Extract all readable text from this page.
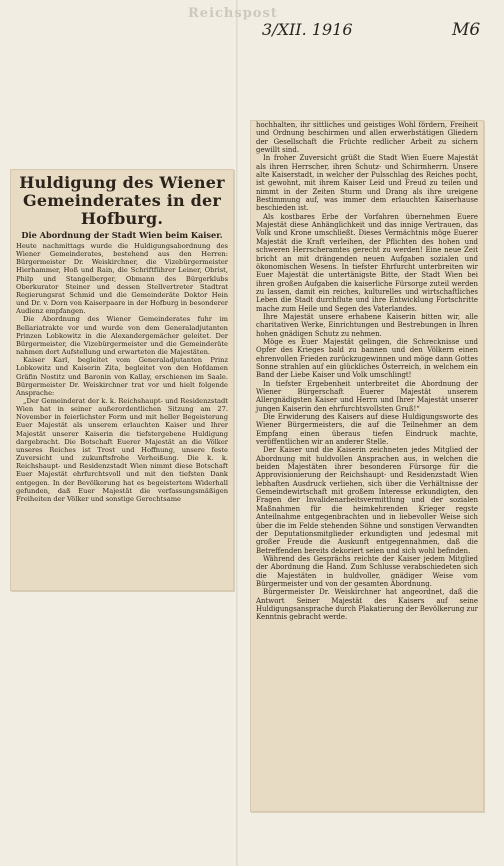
Reichspost
3/XII. 1916	M6
Huldigung des Wiener Gemeinderates in der Hofburg.
Die Abordnung der Stadt Wien beim Kaiser.

Heute nachmittags wurde die Huldigungsabordnung des Wiener Gemeinderates, bestehend aus den Herren: Bürgermeister Dr. Weiskirchner, die Vizebürgermeister Hierhammer, Hoß und Rain, die Schriftführer Leiner, Obrist, Philp und Stangelberger, Obmann des Bürgerklubs Oberkurator Steiner und dessen Stellvertreter Stadtrat Regierungsrat Schmid und die Gemeinderäte Doktor Hein und Dr. v. Dorn von Kaiserpaare in der Hofburg in besonderer Audienz empfangen.

Die Abordnung des Wiener Gemeinderates fuhr im Bellariatrakte vor und wurde von dem Generaladjutanten Prinzen Lobkowitz in die Alexandergemächer geleitet. Der Bürgermeister, die Vizebürgermeister und die Gemeinderäte nahmen dort Aufstellung und erwarteten die Majestäten.

Kaiser Karl, begleitet vom Generaladjutanten Prinz Lobkowitz und Kaiserin Zita, begleitet von den Hofdamen Gräfin Nostitz und Baronin von Kallay, erschienen im Saale. Bürgermeister Dr. Weiskirchner trat vor und hielt folgende Ansprache:

„Der Gemeinderat der k. k. Reichshaupt- und Residenzstadt Wien hat in seiner außerordentlichen Sitzung am 27. November in feierlichster Form und mit heller Begeisterung Euer Majestät als unserem erlauchten Kaiser und Ihrer Majestät unserer Kaiserin die tiefstergebene Huldigung dargebracht. Die Botschaft Euerer Majestät an die Völker unseres Reiches ist Trost und Hoffnung, unsere feste Zuversicht und zukunftsfrohe Verheißung. Die k. k. Reichshaupt- und Residenzstadt Wien nimmt diese Botschaft Euer Majestät ehrfurchtsvoll und mit den tiefsten Dank entgegen. In der Bevölkerung hat es begeistertem Widerhall gefunden, daß Euer Majestät die verfassungsmäßigen Freiheiten der Völker und sonstige Gerechtsame

hochhalten, ihr sittliches und geistiges Wohl fördern, Freiheit und Ordnung beschirmen und allen erwerbstätigen Gliedern der Gesellschaft die Früchte redlicher Arbeit zu sichern gewillt sind.

In froher Zuversicht grüßt die Stadt Wien Euere Majestät als ihren Herrscher, ihren Schutz- und Schirmherrn. Unsere alte Kaiserstadt, in welcher der Pulsschlag des Reiches pocht, ist gewohnt, mit ihrem Kaiser Leid und Freud zu teilen und nimmt in der Zeiten Sturm und Drang als ihre ureigene Bestimmung auf, was immer dem erlauchten Kaiserhause beschieden ist.

Als kostbares Erbe der Vorfahren übernehmen Euere Majestät diese Anhänglichkeit und das innige Vertrauen, das Volk und Krone umschließt. Dieses Vermächtnis möge Euerer Majestät die Kraft verleihen, der Pflichten des hohen und schweren Herrscheramtes gerecht zu werden! Eine neue Zeit bricht an mit drängenden neuen Aufgaben sozialen und ökonomischen Wesens. In tiefster Ehrfurcht unterbreiten wir Euer Majestät die untertänigste Bitte, der Stadt Wien bei ihren großen Aufgaben die kaiserliche Fürsorge zuteil werden zu lassen, damit ein reiches, kulturelles und wirtschaftliches Leben die Stadt durchflute und ihre Entwicklung Fortschritte mache zum Heile und Segen des Vaterlandes.

Ihre Majestät unsere erhabene Kaiserin bitten wir, alle charitativen Werke, Einrichtungen und Bestrebungen in Ihren hohen gnädigen Schutz zu nehmen.

Möge es Euer Majestät gelingen, die Schrecknisse und Opfer des Krieges bald zu bannen und den Völkern einen ehrenvollen Frieden zurückzugewinnen und möge dann Gottes Sonne strahlen auf ein glückliches Österreich, in welchem ein Band der Liebe Kaiser und Volk umschlingt!

In tiefster Ergebenheit unterbreitet die Abordnung der Wiener Bürgerschaft Euerer Majestät unserem Allergnädigsten Kaiser und Herrn und Ihrer Majestät unserer jungen Kaiserin den ehrfurchtsvollsten Gruß!“

Die Erwiderung des Kaisers auf diese Huldigungsworte des Wiener Bürgermeisters, die auf die Teilnehmer an dem Empfang einen überaus tiefen Eindruck machte, veröffentlichen wir an anderer Stelle.

Der Kaiser und die Kaiserin zeichneten jedes Mitglied der Abordnung mit huldvollen Ansprachen aus, in welchen die beiden Majestäten ihrer besonderen Fürsorge für die Approvisionierung der Reichshaupt- und Residenzstadt Wien lebhaften Ausdruck verliehen, sich über die Verhältnisse der Gemeindewirtschaft mit großem Interesse erkundigten, den Fragen der Invalidenarbeitsvermittlung und der sozialen Maßnahmen für die heimkehrenden Krieger regste Anteilnahme entgegenbrachten und in liebevoller Weise sich über die im Felde stehenden Söhne und sonstigen Verwandten der Deputationsmitglieder erkundigten und jedesmal mit großer Freude die Auskunft entgegennahmen, daß die Betreffenden bereits dekoriert seien und sich wohl befinden.

Während des Gesprächs reichte der Kaiser jedem Mitglied der Abordnung die Hand. Zum Schlusse verabschiedeten sich die Majestäten in huldvoller, gnädiger Weise vom Bürgermeister und von der gesamten Abordnung.

Bürgermeister Dr. Weiskirchner hat angeordnet, daß die Antwort Seiner Majestät des Kaisers auf seine Huldigungsansprache durch Plakatierung der Bevölkerung zur Kenntnis gebracht werde.
